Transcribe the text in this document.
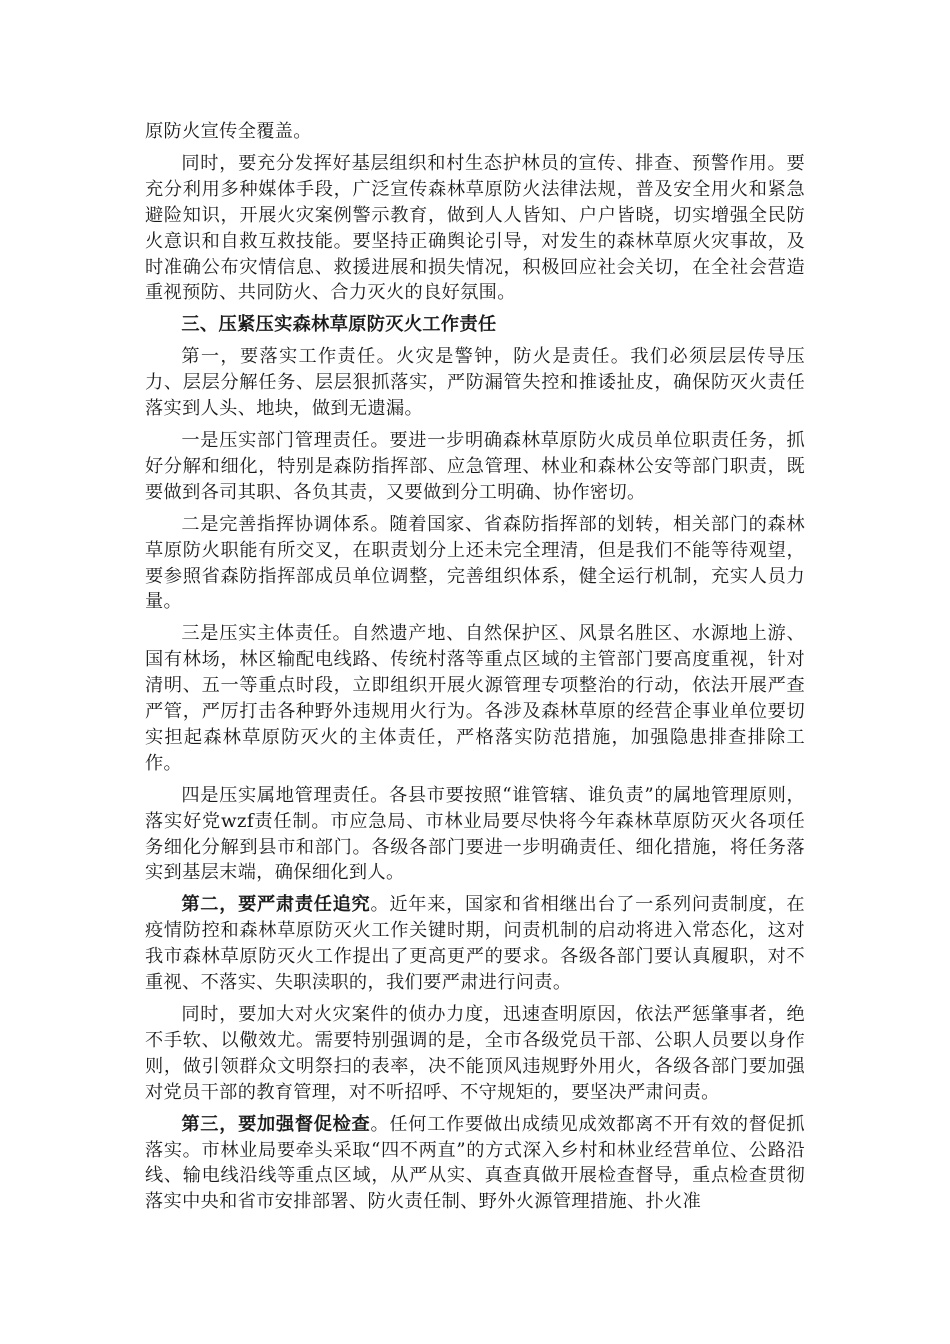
原防火宣传全覆盖。

同时，要充分发挥好基层组织和村生态护林员的宣传、排查、预警作用。要充分利用多种媒体手段，广泛宣传森林草原防火法律法规，普及安全用火和紧急避险知识，开展火灾案例警示教育，做到人人皆知、户户皆晓，切实增强全民防火意识和自救互救技能。要坚持正确舆论引导，对发生的森林草原火灾事故，及时准确公布灾情信息、救援进展和损失情况，积极回应社会关切，在全社会营造重视预防、共同防火、合力灭火的良好氛围。

三、压紧压实森林草原防灭火工作责任

第一，要落实工作责任。火灾是警钟，防火是责任。我们必须层层传导压力、层层分解任务、层层狠抓落实，严防漏管失控和推诿扯皮，确保防灭火责任落实到人头、地块，做到无遗漏。

一是压实部门管理责任。要进一步明确森林草原防火成员单位职责任务，抓好分解和细化，特别是森防指挥部、应急管理、林业和森林公安等部门职责，既要做到各司其职、各负其责，又要做到分工明确、协作密切。

二是完善指挥协调体系。随着国家、省森防指挥部的划转，相关部门的森林草原防火职能有所交叉，在职责划分上还未完全理清，但是我们不能等待观望，要参照省森防指挥部成员单位调整，完善组织体系，健全运行机制，充实人员力量。

三是压实主体责任。自然遗产地、自然保护区、风景名胜区、水源地上游、国有林场，林区输配电线路、传统村落等重点区域的主管部门要高度重视，针对清明、五一等重点时段，立即组织开展火源管理专项整治的行动，依法开展严查严管，严厉打击各种野外违规用火行为。各涉及森林草原的经营企事业单位要切实担起森林草原防灭火的主体责任，严格落实防范措施，加强隐患排查排除工作。

四是压实属地管理责任。各县市要按照“谁管辖、谁负责”的属地管理原则，落实好党wzf责任制。市应急局、市林业局要尽快将今年森林草原防灭火各项任务细化分解到县市和部门。各级各部门要进一步明确责任、细化措施，将任务落实到基层末端，确保细化到人。

第二，要严肃责任追究。近年来，国家和省相继出台了一系列问责制度，在疫情防控和森林草原防灭火工作关键时期，问责机制的启动将进入常态化，这对我市森林草原防灭火工作提出了更高更严的要求。各级各部门要认真履职，对不重视、不落实、失职渎职的，我们要严肃进行问责。

同时，要加大对火灾案件的侦办力度，迅速查明原因，依法严惩肇事者，绝不手软、以儆效尤。需要特别强调的是，全市各级党员干部、公职人员要以身作则，做引领群众文明祭扫的表率，决不能顶风违规野外用火，各级各部门要加强对党员干部的教育管理，对不听招呼、不守规矩的，要坚决严肃问责。

第三，要加强督促检查。任何工作要做出成绩见成效都离不开有效的督促抓落实。市林业局要牵头采取“四不两直”的方式深入乡村和林业经营单位、公路沿线、输电线沿线等重点区域，从严从实、真查真做开展检查督导，重点检查贯彻落实中央和省市安排部署、防火责任制、野外火源管理措施、扑火准
